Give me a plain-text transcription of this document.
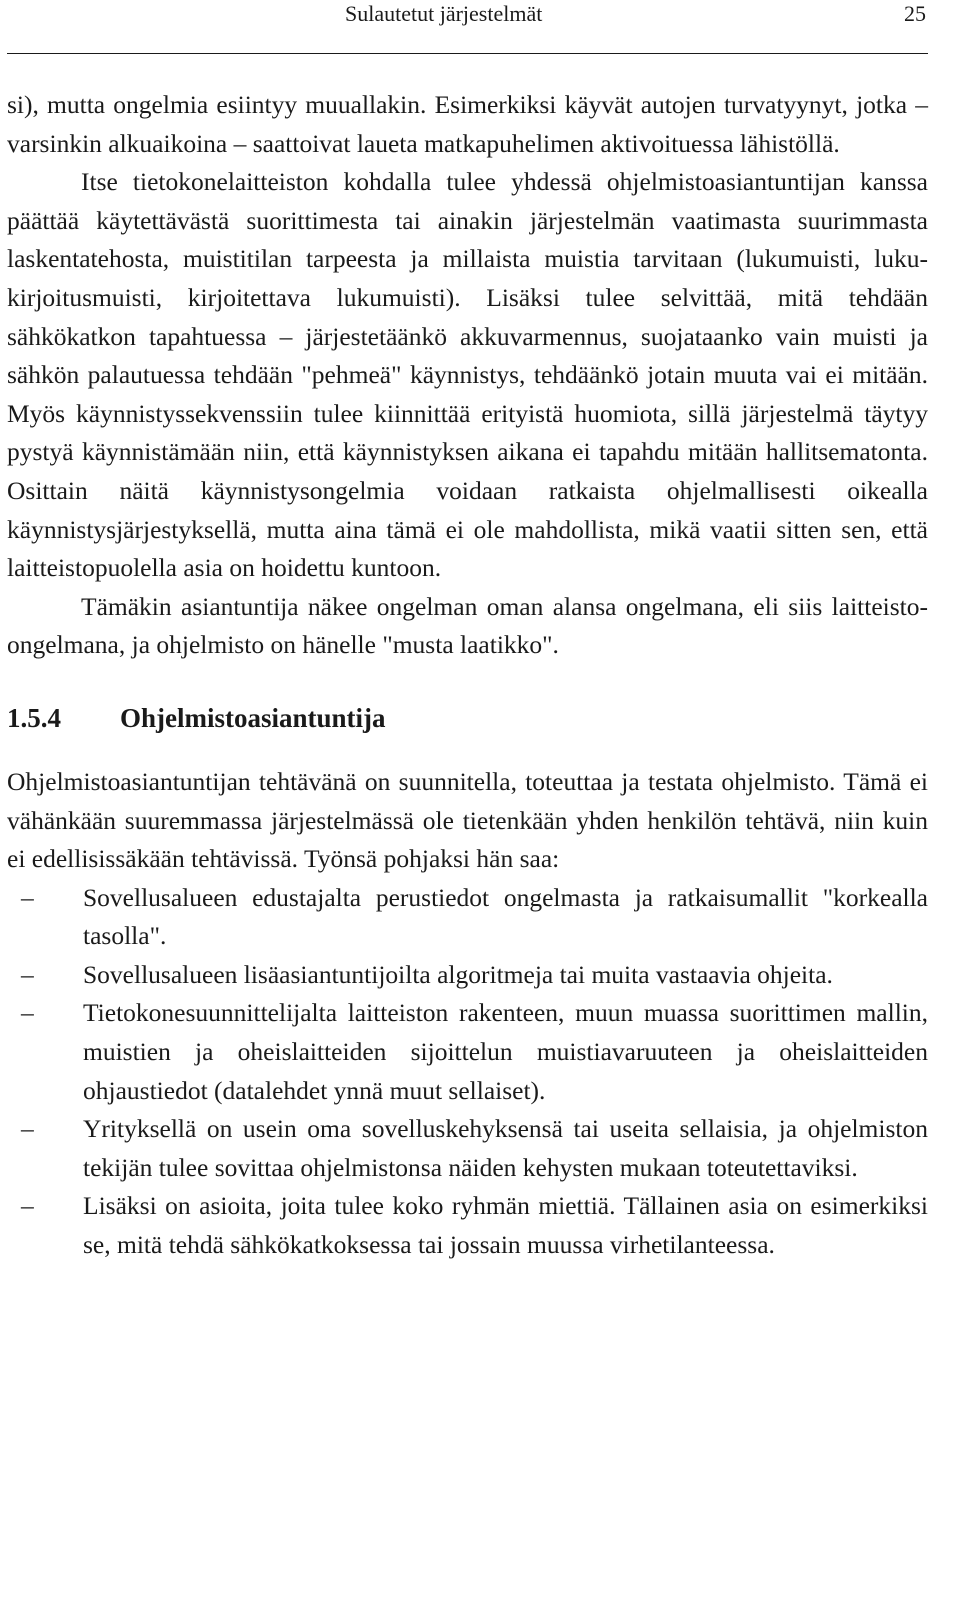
Sulautetut järjestelmät	25

si), mutta ongelmia esiintyy muuallakin. Esimerkiksi käyvät autojen turvatyynyt, jotka – varsinkin alkuaikoina – saattoivat laueta matkapuhelimen aktivoituessa lähistöllä.

Itse tietokonelaitteiston kohdalla tulee yhdessä ohjelmistoasiantuntijan kanssa päättää käytettävästä suorittimesta tai ainakin järjestelmän vaatimasta suurimmasta laskentatehosta, muistitilan tarpeesta ja millaista muistia tarvitaan (lukumuisti, luku-kirjoitusmuisti, kirjoitettava lukumuisti). Lisäksi tulee selvittää, mitä tehdään sähkökatkon tapahtuessa – järjestetäänkö akkuvarmennus, suojataanko vain muisti ja sähkön palautuessa tehdään "pehmeä" käynnistys, tehdäänkö jotain muuta vai ei mitään. Myös käynnistyssekvenssiin tulee kiinnittää erityistä huomiota, sillä järjestelmä täytyy pystyä käynnistämään niin, että käynnistyksen aikana ei tapahdu mitään hallitsematonta. Osittain näitä käynnistysongelmia voidaan ratkaista ohjelmallisesti oikealla käynnistysjärjestyksellä, mutta aina tämä ei ole mahdollista, mikä vaatii sitten sen, että laitteistopuolella asia on hoidettu kuntoon.

Tämäkin asiantuntija näkee ongelman oman alansa ongelmana, eli siis laitteisto-ongelmana, ja ohjelmisto on hänelle "musta laatikko".

1.5.4	Ohjelmistoasiantuntija

Ohjelmistoasiantuntijan tehtävänä on suunnitella, toteuttaa ja testata ohjelmisto. Tämä ei vähänkään suuremmassa järjestelmässä ole tietenkään yhden henkilön tehtävä, niin kuin ei edellisissäkään tehtävissä. Työnsä pohjaksi hän saa:

–	Sovellusalueen edustajalta perustiedot ongelmasta ja ratkaisumallit "korkealla tasolla".
–	Sovellusalueen lisäasiantuntijoilta algoritmeja tai muita vastaavia ohjeita.
–	Tietokonesuunnittelijalta laitteiston rakenteen, muun muassa suorittimen mallin, muistien ja oheislaitteiden sijoittelun muistiavaruuteen ja oheislaitteiden ohjaustiedot (datalehdet ynnä muut sellaiset).
–	Yrityksellä on usein oma sovelluskehyksensä tai useita sellaisia, ja ohjelmiston tekijän tulee sovittaa ohjelmistonsa näiden kehysten mukaan toteutettaviksi.
–	Lisäksi on asioita, joita tulee koko ryhmän miettiä. Tällainen asia on esimerkiksi se, mitä tehdä sähkökatkoksessa tai jossain muussa virhetilanteessa.
